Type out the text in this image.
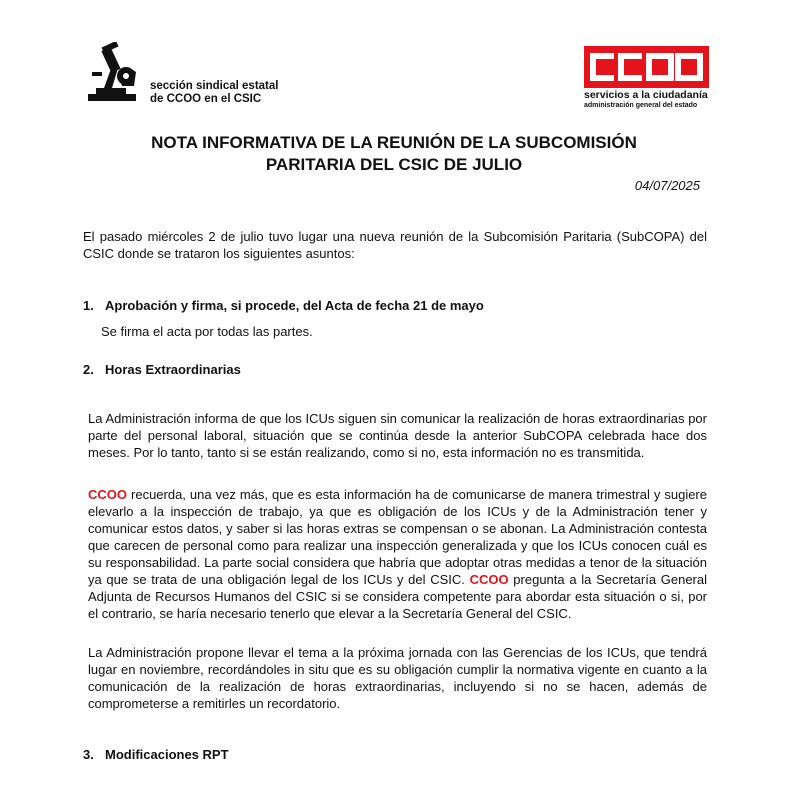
sección sindical estatal
de CCOO en el CSIC	servicios a la ciudadanía
administración general del estado
NOTA INFORMATIVA DE LA REUNIÓN DE LA SUBCOMISIÓN
PARITARIA DEL CSIC DE JULIO
04/07/2025
El pasado miércoles 2 de julio tuvo lugar una nueva reunión de la Subcomisión Paritaria (SubCOPA) del CSIC donde se trataron los siguientes asuntos:
1. Aprobación y firma, si procede, del Acta de fecha 21 de mayo
Se firma el acta por todas las partes.
2. Horas Extraordinarias
La Administración informa de que los ICUs siguen sin comunicar la realización de horas extraordinarias por parte del personal laboral, situación que se continúa desde la anterior SubCOPA celebrada hace dos meses. Por lo tanto, tanto si se están realizando, como si no, esta información no es transmitida.
CCOO recuerda, una vez más, que es esta información ha de comunicarse de manera trimestral y sugiere elevarlo a la inspección de trabajo, ya que es obligación de los ICUs y de la Administración tener y comunicar estos datos, y saber si las horas extras se compensan o se abonan. La Administración contesta que carecen de personal como para realizar una inspección generalizada y que los ICUs conocen cuál es su responsabilidad. La parte social considera que habría que adoptar otras medidas a tenor de la situación ya que se trata de una obligación legal de los ICUs y del CSIC. CCOO pregunta a la Secretaría General Adjunta de Recursos Humanos del CSIC si se considera competente para abordar esta situación o si, por el contrario, se haría necesario tenerlo que elevar a la Secretaría General del CSIC.
La Administración propone llevar el tema a la próxima jornada con las Gerencias de los ICUs, que tendrá lugar en noviembre, recordándoles in situ que es su obligación cumplir la normativa vigente en cuanto a la comunicación de la realización de horas extraordinarias, incluyendo si no se hacen, además de comprometerse a remitirles un recordatorio.
3. Modificaciones RPT
